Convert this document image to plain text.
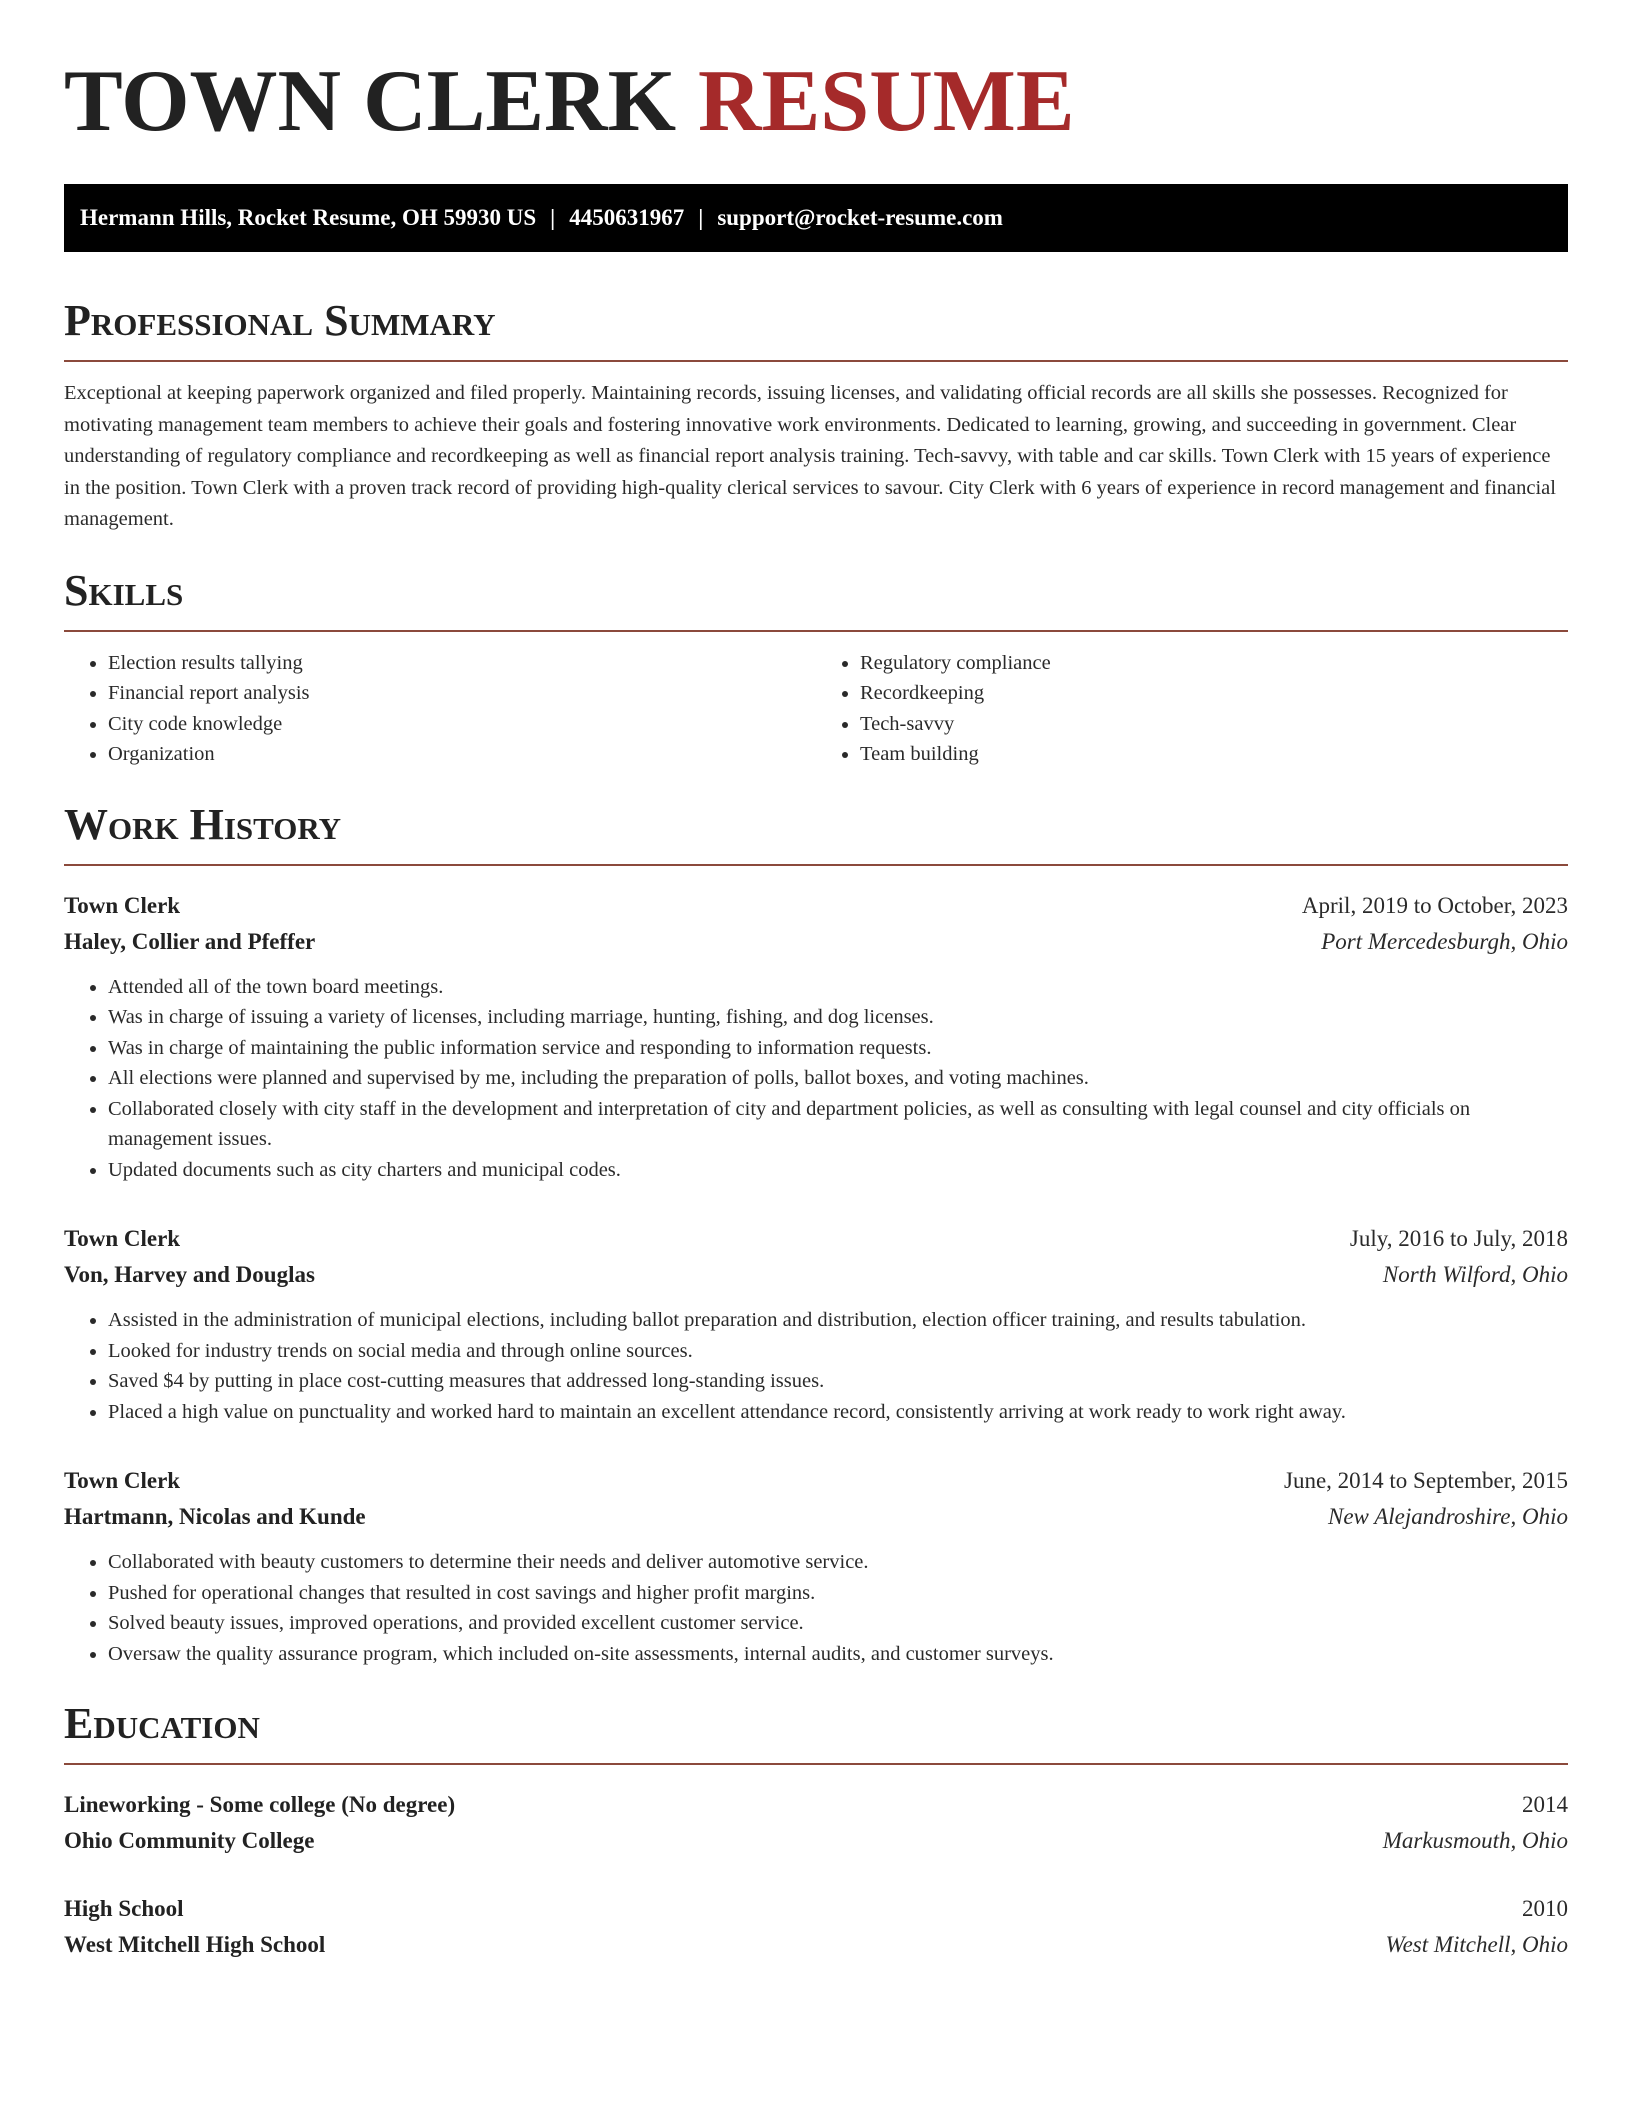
TOWN CLERK RESUME
Hermann Hills, Rocket Resume, OH 59930 US | 4450631967 | support@rocket-resume.com
Professional Summary

Exceptional at keeping paperwork organized and filed properly. Maintaining records, issuing licenses, and validating official records are all skills she possesses. Recognized for motivating management team members to achieve their goals and fostering innovative work environments. Dedicated to learning, growing, and succeeding in government. Clear understanding of regulatory compliance and recordkeeping as well as financial report analysis training. Tech-savvy, with table and car skills. Town Clerk with 15 years of experience in the position. Town Clerk with a proven track record of providing high-quality clerical services to savour. City Clerk with 6 years of experience in record management and financial management.

Skills
• Election results tallying
• Financial report analysis
• City code knowledge
• Organization
• Regulatory compliance
• Recordkeeping
• Tech-savvy
• Team building
Work History
Town Clerk	April, 2019 to October, 2023
Haley, Collier and Pfeffer	Port Mercedesburgh, Ohio
• Attended all of the town board meetings.
• Was in charge of issuing a variety of licenses, including marriage, hunting, fishing, and dog licenses.
• Was in charge of maintaining the public information service and responding to information requests.
• All elections were planned and supervised by me, including the preparation of polls, ballot boxes, and voting machines.
• Collaborated closely with city staff in the development and interpretation of city and department policies, as well as consulting with legal counsel and city officials on management issues.
• Updated documents such as city charters and municipal codes.
Town Clerk	July, 2016 to July, 2018
Von, Harvey and Douglas	North Wilford, Ohio
• Assisted in the administration of municipal elections, including ballot preparation and distribution, election officer training, and results tabulation.
• Looked for industry trends on social media and through online sources.
• Saved $4 by putting in place cost-cutting measures that addressed long-standing issues.
• Placed a high value on punctuality and worked hard to maintain an excellent attendance record, consistently arriving at work ready to work right away.
Town Clerk	June, 2014 to September, 2015
Hartmann, Nicolas and Kunde	New Alejandroshire, Ohio
• Collaborated with beauty customers to determine their needs and deliver automotive service.
• Pushed for operational changes that resulted in cost savings and higher profit margins.
• Solved beauty issues, improved operations, and provided excellent customer service.
• Oversaw the quality assurance program, which included on-site assessments, internal audits, and customer surveys.
Education
Lineworking - Some college (No degree)	2014
Ohio Community College	Markusmouth, Ohio
High School	2010
West Mitchell High School	West Mitchell, Ohio
